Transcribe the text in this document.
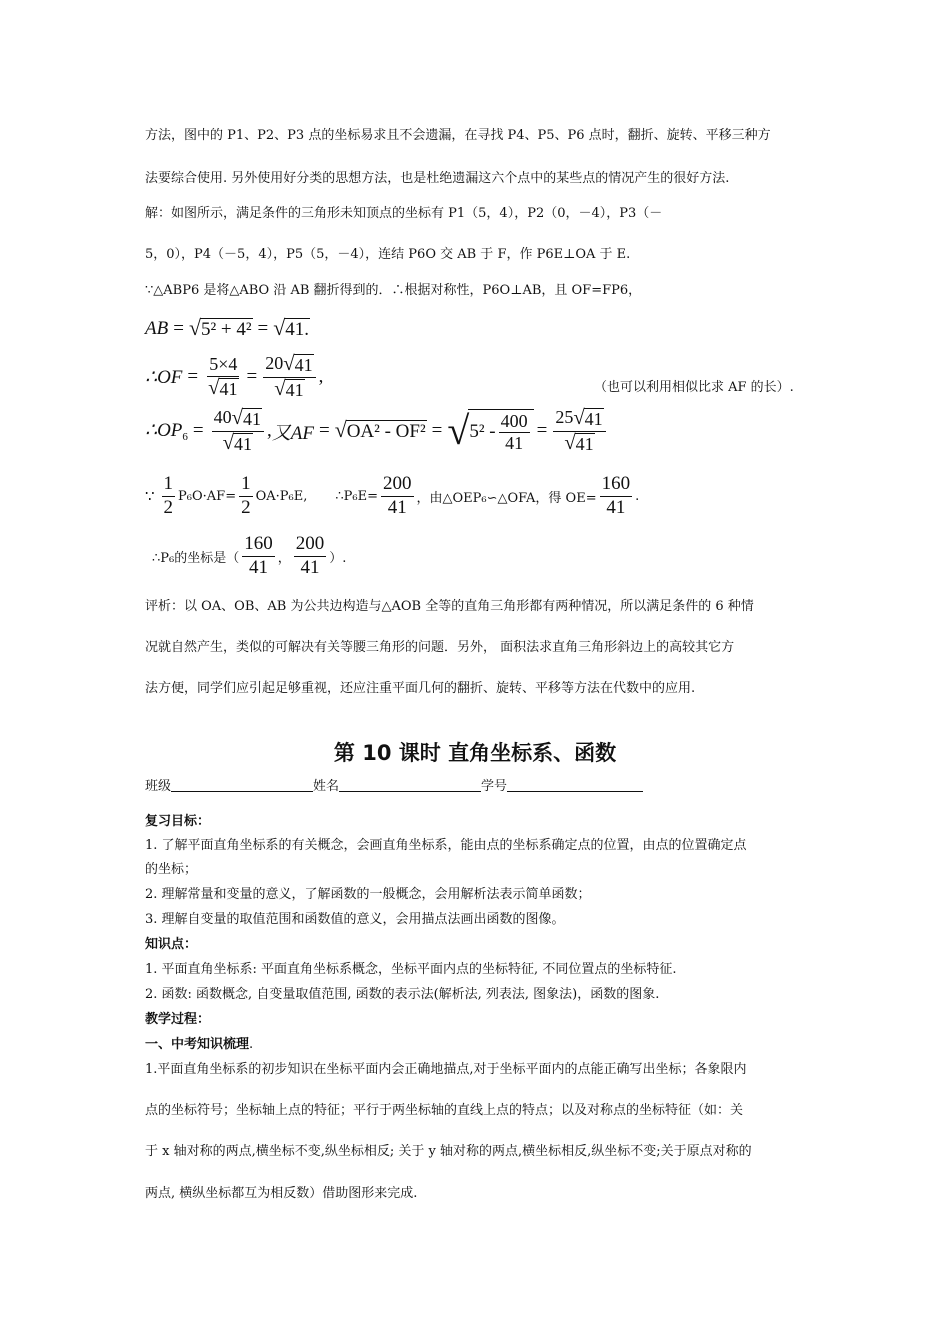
方法，图中的 P1、P2、P3 点的坐标易求且不会遗漏，在寻找 P4、P5、P6 点时，翻折、旋转、平移三种方
法要综合使用. 另外使用好分类的思想方法，也是杜绝遗漏这六个点中的某些点的情况产生的很好方法.
解：如图所示，满足条件的三角形未知顶点的坐标有 P1（5，4），P2（0，－4），P3（－
5，0），P4（－5，4），P5（5，－4），连结 P6O 交 AB 于 F，作 P6E⊥OA 于 E.
∵△ABP6 是将△ABO 沿 AB 翻折得到的．∴根据对称性，P6O⊥AB，且 OF=FP6，
AB = √ 5² + 4² = √ 41.
∴OF = $\frac{5\times 4}{√ 41} = \frac{20 √ 41}{√ 41}$ ,
（也可以利用相似比求 AF 的长）.
$\therefore OP_6 = \frac{40 √ 41}{√ 41}$ , 又AF = √ OA² - OF² = √ $5^2 - \frac{400}{41} = \frac{25 √ 41}{√ 41}$
∵ $\frac{1}{2} P_6O\cdot AF= \frac{1}{2} OA\cdot P_6E$, ∴P₆E= $\frac{200}{41}$ ，由△OEP₆∽△OFA，得 $OE= \frac{160}{41}$ .
∴P₆的坐标是（ $\frac{160}{41}$ ， $\frac{200}{41}$ ）.
评析：以 OA、OB、AB 为公共边构造与△AOB 全等的直角三角形都有两种情况，所以满足条件的 6 种情
况就自然产生，类似的可解决有关等腰三角形的问题．另外， 面积法求直角三角形斜边上的高较其它方
法方便，同学们应引起足够重视，还应注重平面几何的翻折、旋转、平移等方法在代数中的应用.
第 10 课时 直角坐标系、函数
班级	姓名	学号
复习目标：
1. 了解平面直角坐标系的有关概念，会画直角坐标系，能由点的坐标系确定点的位置，由点的位置确定点
的坐标；
2. 理解常量和变量的意义，了解函数的一般概念，会用解析法表示简单函数；
3. 理解自变量的取值范围和函数值的意义，会用描点法画出函数的图像。
知识点：
1. 平面直角坐标系: 平面直角坐标系概念，坐标平面内点的坐标特征, 不同位置点的坐标特征.
2. 函数: 函数概念, 自变量取值范围, 函数的表示法(解析法, 列表法, 图象法)，函数的图象.
教学过程：
一、中考知识梳理.
1.平面直角坐标系的初步知识在坐标平面内会正确地描点,对于坐标平面内的点能正确写出坐标；各象限内
点的坐标符号；坐标轴上点的特征；平行于两坐标轴的直线上点的特点；以及对称点的坐标特征（如：关
于 x 轴对称的两点,横坐标不变,纵坐标相反; 关于 y 轴对称的两点,横坐标相反,纵坐标不变;关于原点对称的
两点, 横纵坐标都互为相反数）借助图形来完成.
